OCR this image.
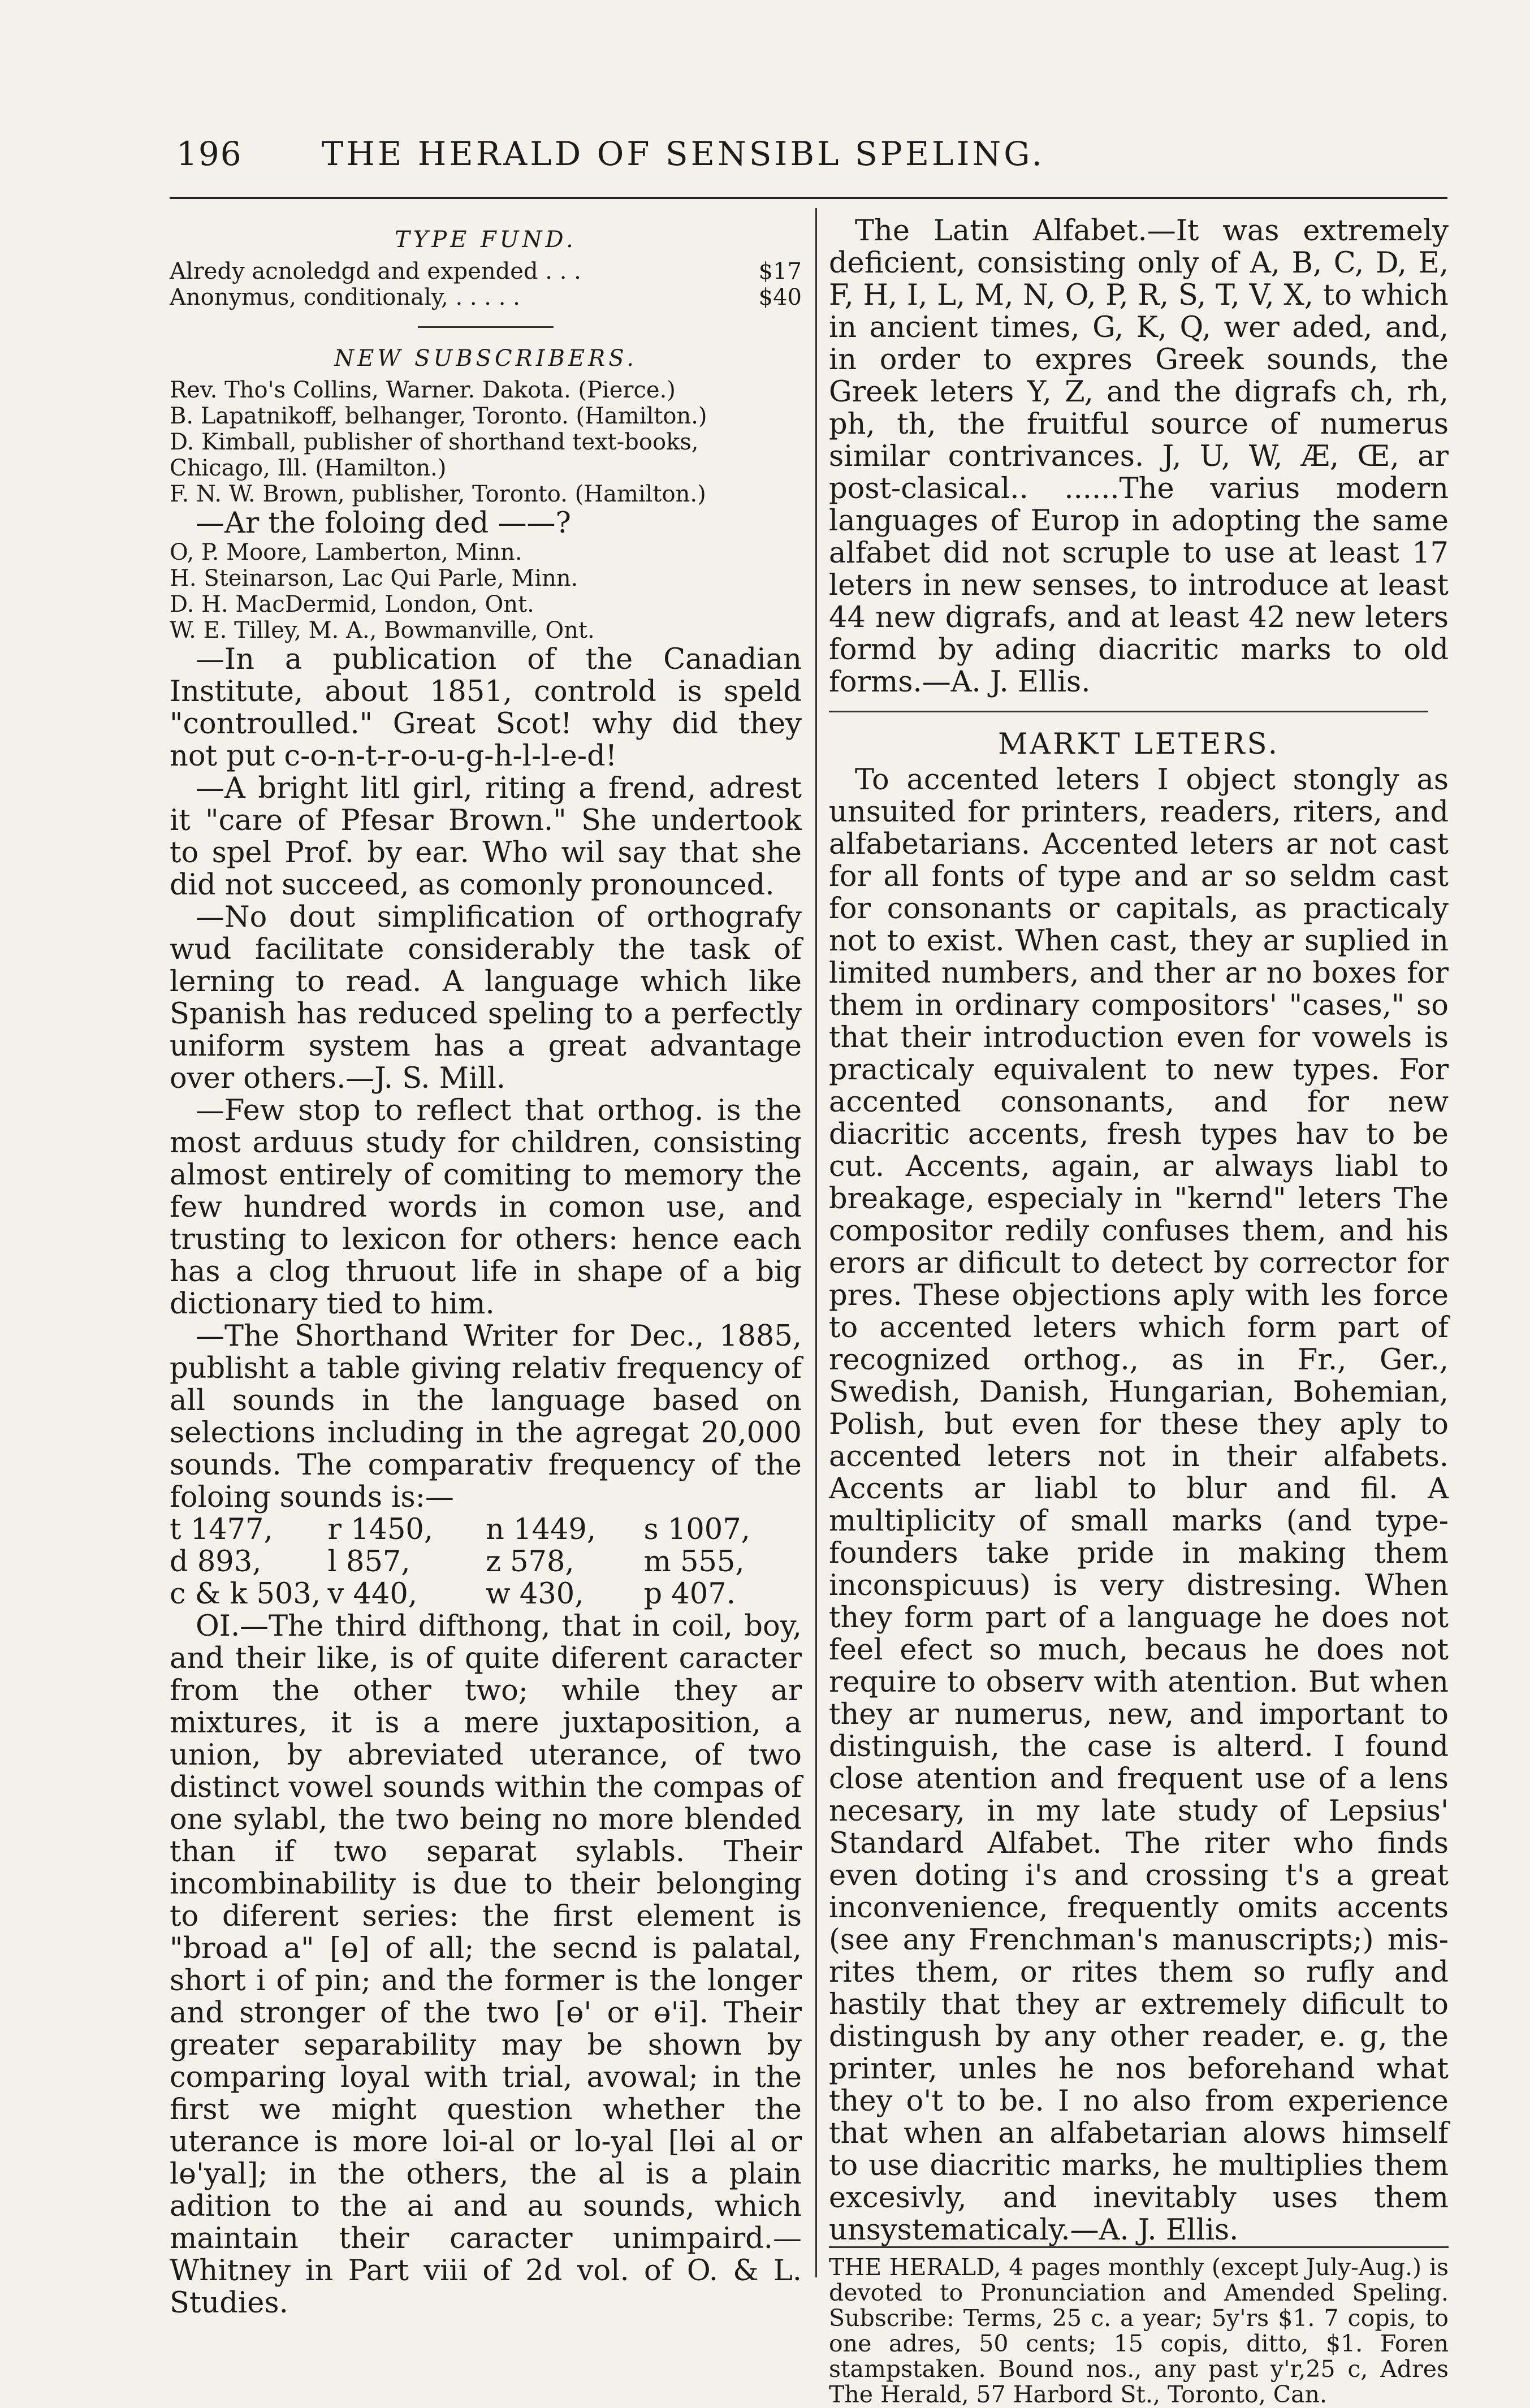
196 THE HERALD OF SENSIBL SPELING.
TYPE FUND.
Alredy acnoledgd and expended . . .	$17
Anonymus, conditionaly, . . . . .	$40
NEW SUBSCRIBERS.
Rev. Tho's Collins, Warner. Dakota. (Pierce.)
B. Lapatnikoff, belhanger, Toronto. (Hamilton.)
D. Kimball, publisher of shorthand text-books, Chicago, Ill. (Hamilton.)
F. N. W. Brown, publisher, Toronto. (Hamilton.)

—Ar the foloing ded ——?

O, P. Moore, Lamberton, Minn.
H. Steinarson, Lac Qui Parle, Minn.
D. H. MacDermid, London, Ont.
W. E. Tilley, M. A., Bowmanville, Ont.

—In a publication of the Canadian Institute, about 1851, controld is speld "controulled." Great Scot! why did they not put c-o-n-t-r-o-u-g-h-l-l-e-d!

—A bright litl girl, riting a frend, adrest it "care of Pfesar Brown." She undertook to spel Prof. by ear. Who wil say that she did not succeed, as comonly pronounced.

—No dout simplification of orthografy wud facilitate considerably the task of lerning to read. A language which like Spanish has reduced speling to a perfectly uniform system has a great advantage over others.—J. S. Mill.

—Few stop to reflect that orthog. is the most arduus study for children, consisting almost entirely of comiting to memory the few hundred words in comon use, and trusting to lexicon for others: hence each has a clog thruout life in shape of a big dictionary tied to him.

—The Shorthand Writer for Dec., 1885, publisht a table giving relativ frequency of all sounds in the language based on selections including in the agregat 20,000 sounds. The comparativ frequency of the foloing sounds is:—

t 1477,	r 1450,	n 1449,	s 1007,
d 893,	l 857,	z 578,	m 555,
c & k 503, v 440,	w 430,	p 407.

OI.—The third difthong, that in coil, boy, and their like, is of quite diferent caracter from the other two; while they ar mixtures, it is a mere juxtaposition, a union, by abreviated uterance, of two distinct vowel sounds within the compas of one sylabl, the two being no more blended than if two separat sylabls. Their incombinability is due to their belonging to diferent series: the first element is "broad a" [ɵ] of all; the secnd is palatal, short i of pin; and the former is the longer and stronger of the two [ɵ' or ɵ'i]. Their greater separability may be shown by comparing loyal with trial, avowal; in the first we might question whether the uterance is more loi-al or lo-yal [lɵi al or lɵ'yal]; in the others, the al is a plain adition to the ai and au sounds, which maintain their caracter unimpaird.—Whitney in Part viii of 2d vol. of O. & L. Studies.

The Latin Alfabet.—It was extremely deficient, consisting only of A, B, C, D, E, F, H, I, L, M, N, O, P, R, S, T, V, X, to which in ancient times, G, K, Q, wer aded, and, in order to expres Greek sounds, the Greek leters Y, Z, and the digrafs ch, rh, ph, th, the fruitful source of numerus similar contrivances. J, U, W, Æ, Œ, ar post-clasical.. ......The varius modern languages of Europ in adopting the same alfabet did not scruple to use at least 17 leters in new senses, to introduce at least 44 new digrafs, and at least 42 new leters formd by ading diacritic marks to old forms.—A. J. Ellis.

MARKT LETERS.

To accented leters I object stongly as unsuited for printers, readers, riters, and alfabetarians. Accented leters ar not cast for all fonts of type and ar so seldm cast for consonants or capitals, as practicaly not to exist. When cast, they ar suplied in limited numbers, and ther ar no boxes for them in ordinary compositors' "cases," so that their introduction even for vowels is practicaly equivalent to new types. For accented consonants, and for new diacritic accents, fresh types hav to be cut. Accents, again, ar always liabl to breakage, especialy in "kernd" leters The compositor redily confuses them, and his erors ar dificult to detect by corrector for pres. These objections aply with les force to accented leters which form part of recognized orthog., as in Fr., Ger., Swedish, Danish, Hungarian, Bohemian, Polish, but even for these they aply to accented leters not in their alfabets. Accents ar liabl to blur and fil. A multiplicity of small marks (and type-founders take pride in making them inconspicuus) is very distresing. When they form part of a language he does not feel efect so much, becaus he does not require to observ with atention. But when they ar numerus, new, and important to distinguish, the case is alterd. I found close atention and frequent use of a lens necesary, in my late study of Lepsius' Standard Alfabet. The riter who finds even doting i's and crossing t's a great inconvenience, frequently omits accents (see any Frenchman's manuscripts;) mis-rites them, or rites them so rufly and hastily that they ar extremely dificult to distingush by any other reader, e. g, the printer, unles he nos beforehand what they o't to be. I no also from experience that when an alfabetarian alows himself to use diacritic marks, he multiplies them excesivly, and inevitably uses them unsystematicaly.—A. J. Ellis.

THE HERALD, 4 pages monthly (except July-Aug.) is devoted to Pronunciation and Amended Speling. Subscribe: Terms, 25 c. a year; 5y'rs $1. 7 copis, to one adres, 50 cents; 15 copis, ditto, $1. Foren stampstaken. Bound nos., any past y'r,25 c, Adres The Herald, 57 Harbord St., Toronto, Can.
